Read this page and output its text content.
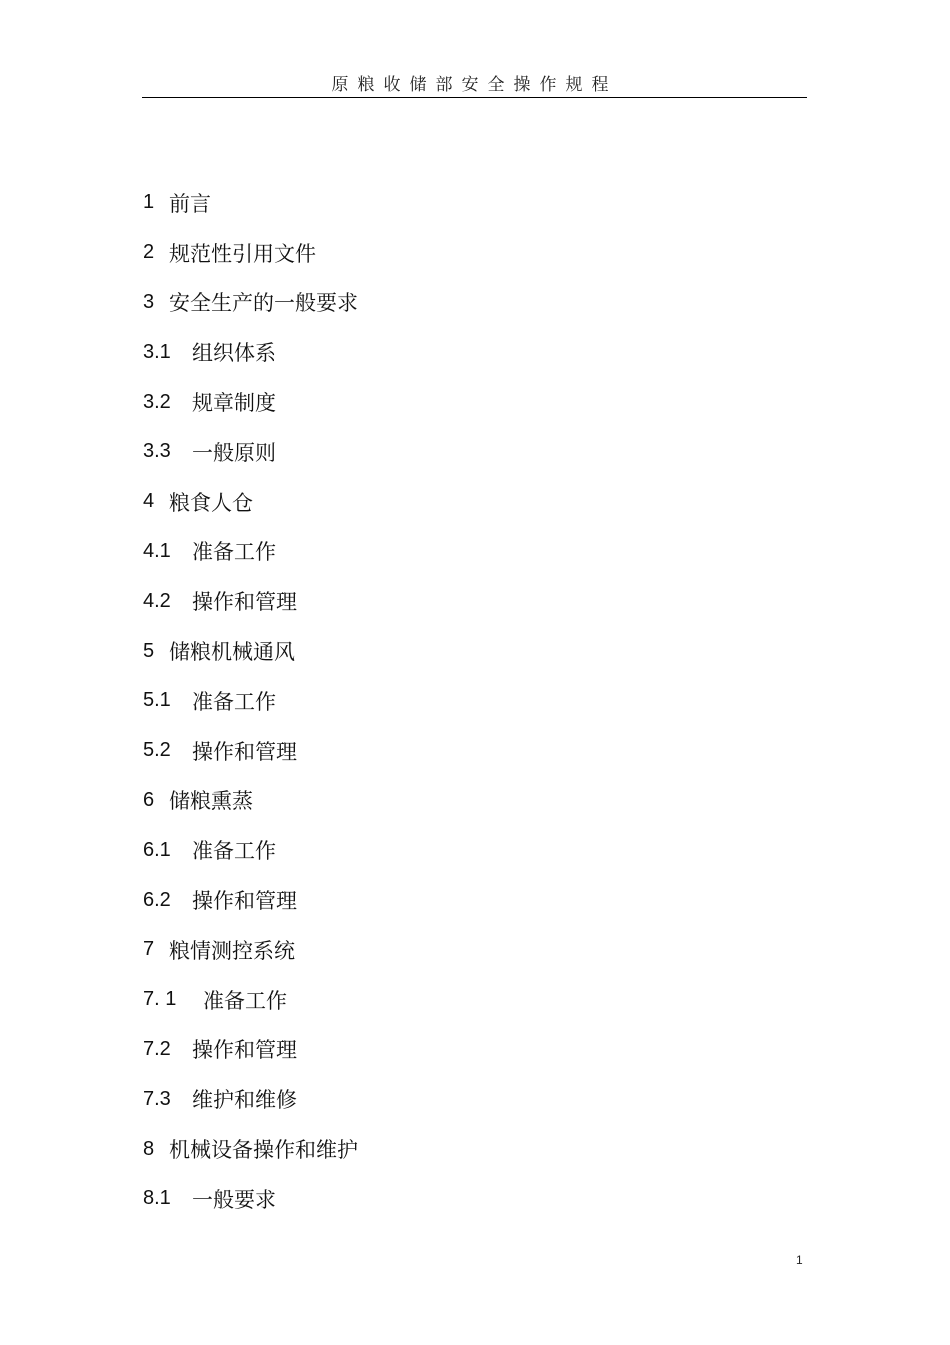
原粮收储部安全操作规程
1 前言
2 规范性引用文件
3 安全生产的一般要求
3.1	组织体系
3.2	规章制度
3.3	一般原则
4 粮食人仓
4.1	准备工作
4.2	操作和管理
5 储粮机械通风
5.1	准备工作
5.2	操作和管理
6 储粮熏蒸
6.1	准备工作
6.2	操作和管理
7 粮情测控系统
7. 1	准备工作
7.2	操作和管理
7.3	维护和维修
8 机械设备操作和维护
8.1	一般要求
1
